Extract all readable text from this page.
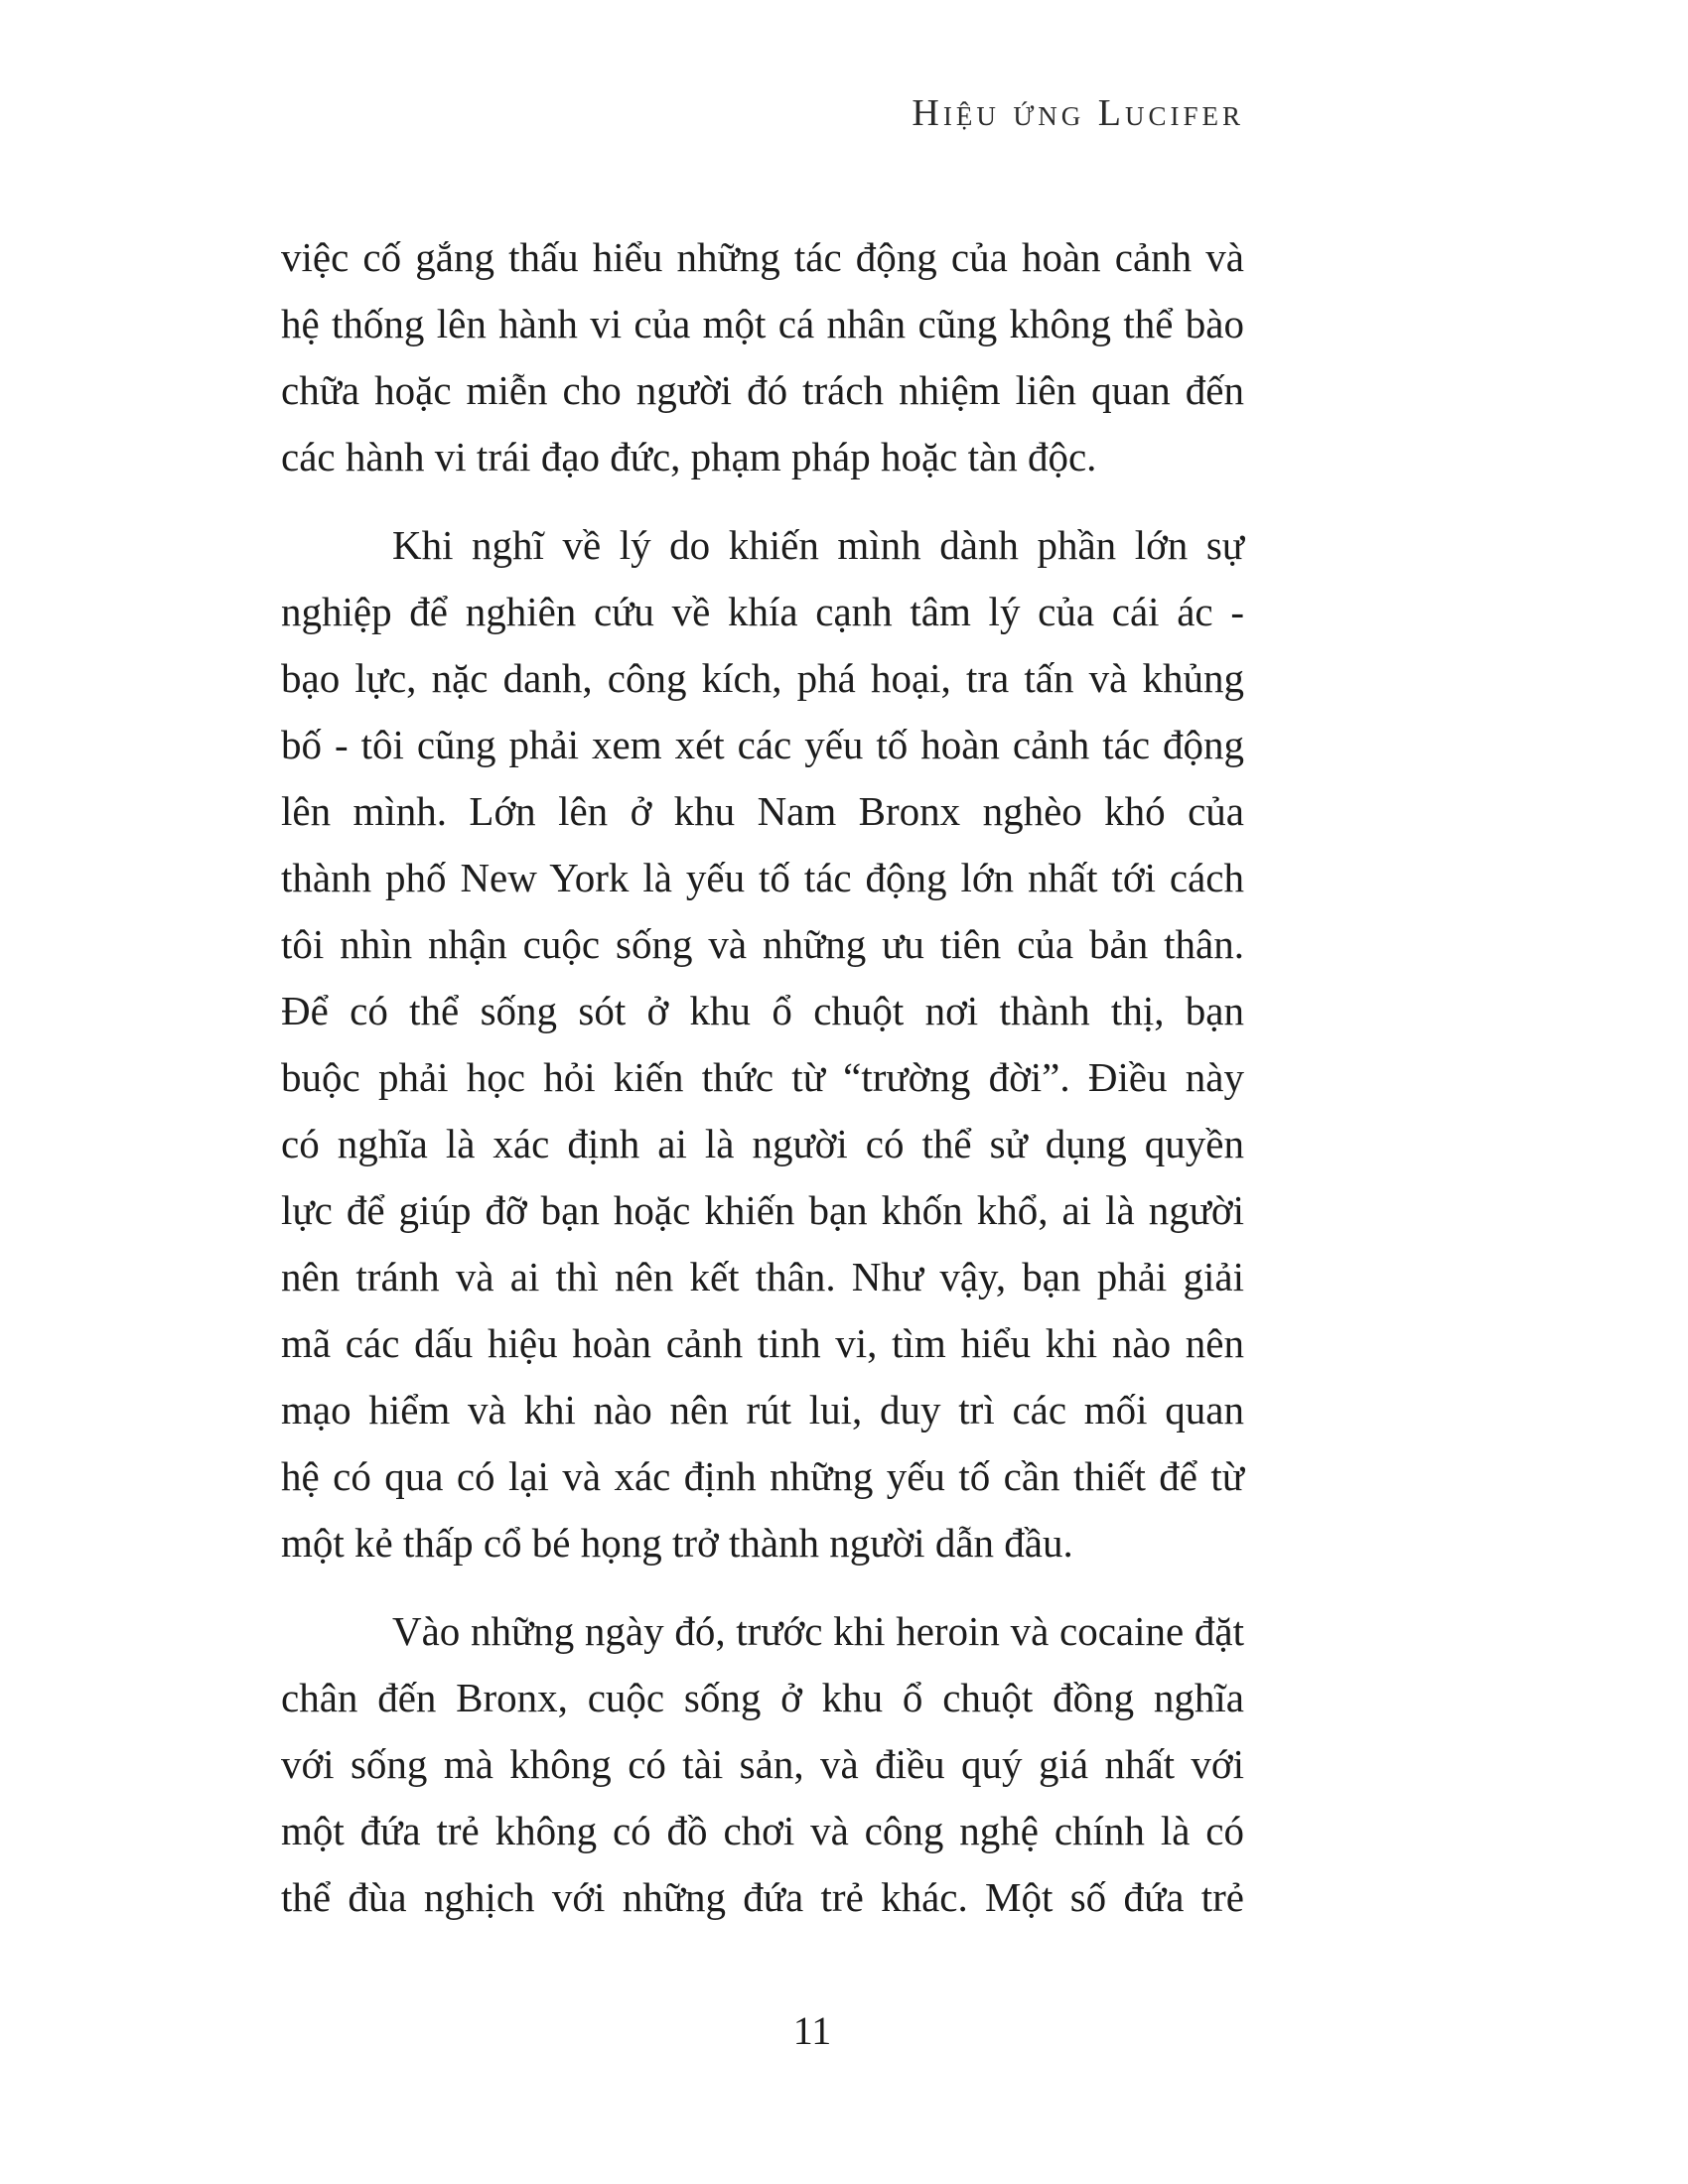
Hiệu ứng Lucifer

việc cố gắng thấu hiểu những tác động của hoàn cảnh và
hệ thống lên hành vi của một cá nhân cũng không thể bào
chữa hoặc miễn cho người đó trách nhiệm liên quan đến
các hành vi trái đạo đức, phạm pháp hoặc tàn độc.

Khi nghĩ về lý do khiến mình dành phần lớn sự
nghiệp để nghiên cứu về khía cạnh tâm lý của cái ác -
bạo lực, nặc danh, công kích, phá hoại, tra tấn và khủng
bố - tôi cũng phải xem xét các yếu tố hoàn cảnh tác động
lên mình. Lớn lên ở khu Nam Bronx nghèo khó của
thành phố New York là yếu tố tác động lớn nhất tới cách
tôi nhìn nhận cuộc sống và những ưu tiên của bản thân.
Để có thể sống sót ở khu ổ chuột nơi thành thị, bạn
buộc phải học hỏi kiến thức từ “trường đời”. Điều này
có nghĩa là xác định ai là người có thể sử dụng quyền
lực để giúp đỡ bạn hoặc khiến bạn khốn khổ, ai là người
nên tránh và ai thì nên kết thân. Như vậy, bạn phải giải
mã các dấu hiệu hoàn cảnh tinh vi, tìm hiểu khi nào nên
mạo hiểm và khi nào nên rút lui, duy trì các mối quan
hệ có qua có lại và xác định những yếu tố cần thiết để từ
một kẻ thấp cổ bé họng trở thành người dẫn đầu.

Vào những ngày đó, trước khi heroin và cocaine đặt
chân đến Bronx, cuộc sống ở khu ổ chuột đồng nghĩa
với sống mà không có tài sản, và điều quý giá nhất với
một đứa trẻ không có đồ chơi và công nghệ chính là có
thể đùa nghịch với những đứa trẻ khác. Một số đứa trẻ

11
